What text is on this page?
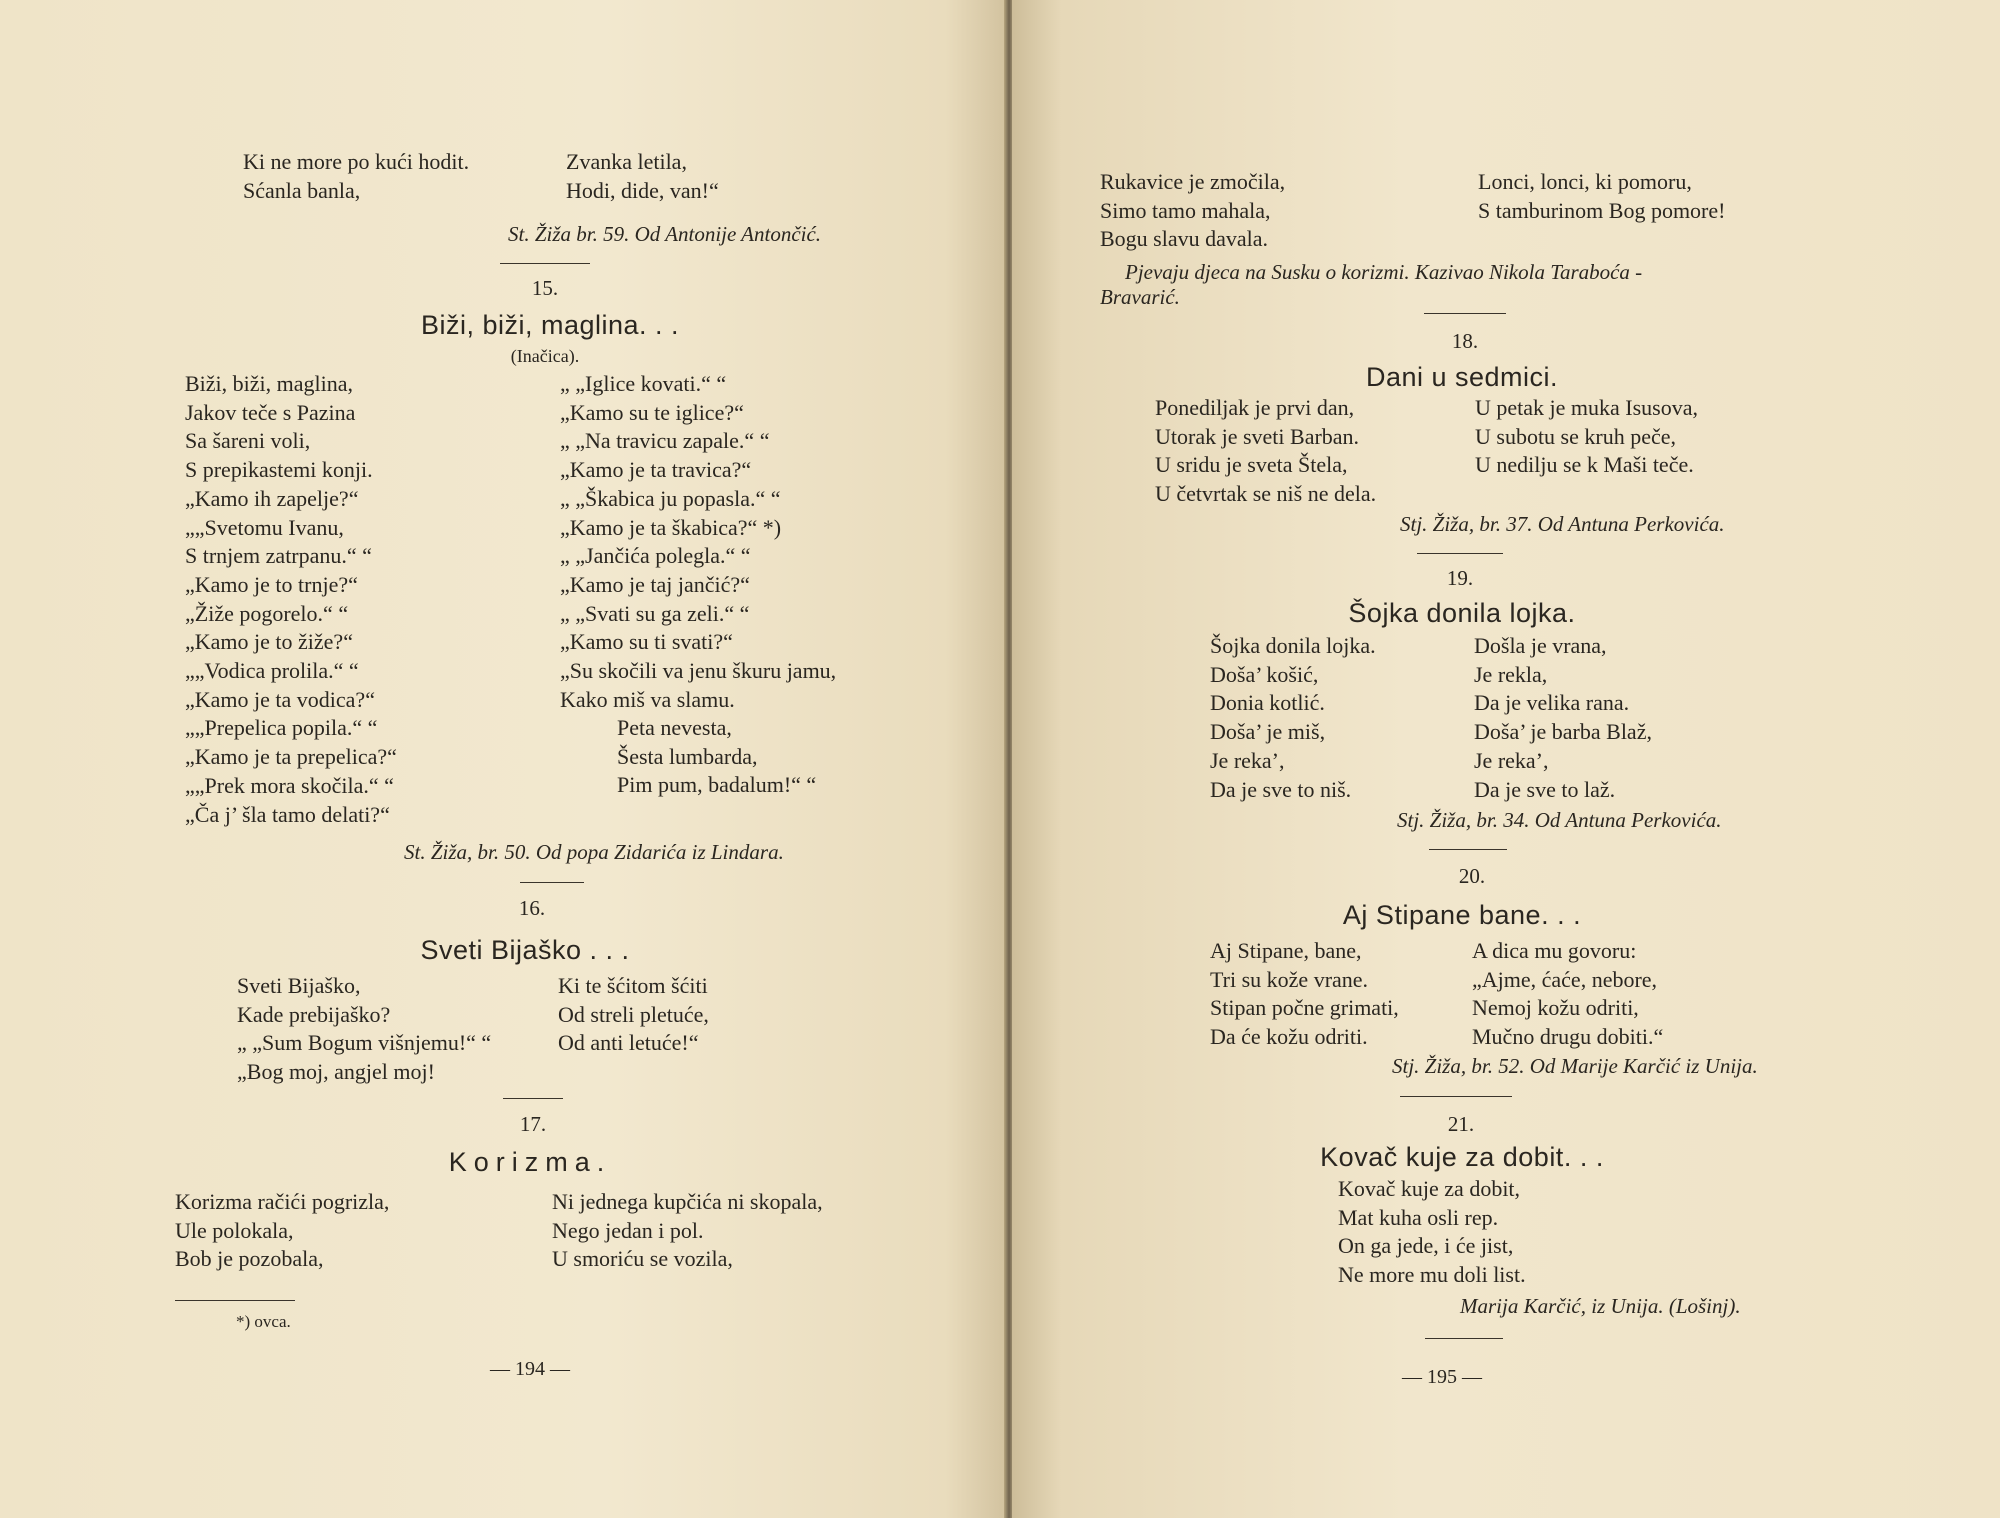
Ki ne more po kući hodit.
Sćanla banla,
Zvanka letila,
Hodi, dide, van!“
St. Žiža br. 59. Od Antonije Antončić.
15.
Biži, biži, maglina. . .
(Inačica).
Biži, biži, maglina,
Jakov teče s Pazina
Sa šareni voli,
S prepikastemi konji.
„Kamo ih zapelje?“
„„Svetomu Ivanu,
S trnjem zatrpanu.“ “
„Kamo je to trnje?“
„Žiže pogorelo.“ “
„Kamo je to žiže?“
„„Vodica prolila.“ “
„Kamo je ta vodica?“
„„Prepelica popila.“ “
„Kamo je ta prepelica?“
„„Prek mora skočila.“ “
„Ča j’ šla tamo delati?“
„ „Iglice kovati.“ “
„Kamo su te iglice?“
„ „Na travicu zapale.“ “
„Kamo je ta travica?“
„ „Škabica ju popasla.“ “
„Kamo je ta škabica?“ *)
„ „Jančića polegla.“ “
„Kamo je taj jančić?“
„ „Svati su ga zeli.“ “
„Kamo su ti svati?“
„Su skočili va jenu škuru jamu,
Kako miš va slamu.
Peta nevesta,
Šesta lumbarda,
Pim pum, badalum!“ “
St. Žiža, br. 50. Od popa Zidarića iz Lindara.
16.
Sveti Bijaško . . .
Sveti Bijaško,
Kade prebijaško?
„ „Sum Bogum višnjemu!“ “
„Bog moj, angjel moj!
Ki te šćitom šćiti
Od streli pletuće,
Od anti letuće!“
17.
Korizma.
Korizma račići pogrizla,
Ule polokala,
Bob je pozobala,
Ni jednega kupčića ni skopala,
Nego jedan i pol.
U smoriću se vozila,
*) ovca.
— 194 —
Rukavice je zmočila,
Simo tamo mahala,
Bogu slavu davala.
Lonci, lonci, ki pomoru,
S tamburinom Bog pomore!
Pjevaju djeca na Susku o korizmi. Kazivao Nikola Taraboća -
Bravarić.
18.
Dani u sedmici.
Ponediljak je prvi dan,
Utorak je sveti Barban.
U sridu je sveta Štela,
U četvrtak se niš ne dela.
U petak je muka Isusova,
U subotu se kruh peče,
U nedilju se k Maši teče.
Stj. Žiža, br. 37. Od Antuna Perkovića.
19.
Šojka donila lojka.
Šojka donila lojka.
Doša’ košić,
Donia kotlić.
Doša’ je miš,
Je reka’,
Da je sve to niš.
Došla je vrana,
Je rekla,
Da je velika rana.
Doša’ je barba Blaž,
Je reka’,
Da je sve to laž.
Stj. Žiža, br. 34. Od Antuna Perkovića.
20.
Aj Stipane bane. . .
Aj Stipane, bane,
Tri su kože vrane.
Stipan počne grimati,
Da će kožu odriti.
A dica mu govoru:
„Ajme, ćaće, nebore,
Nemoj kožu odriti,
Mučno drugu dobiti.“
Stj. Žiža, br. 52. Od Marije Karčić iz Unija.
21.
Kovač kuje za dobit. . .
Kovač kuje za dobit,
Mat kuha osli rep.
On ga jede, i će jist,
Ne more mu doli list.
Marija Karčić, iz Unija. (Lošinj).
— 195 —
